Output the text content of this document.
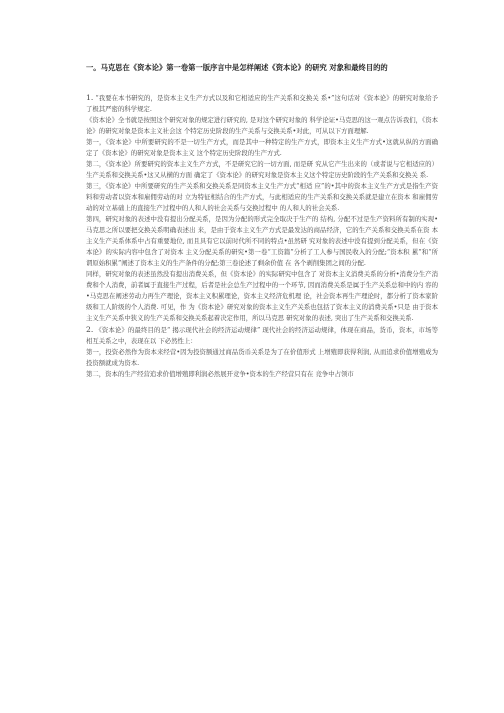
一。马克思在《资本论》第一卷第一版序言中是怎样阐述《资本论》的研究 对象和最终目的的

1. “我要在本书研究的，是资本主义生产方式以及和它相适应的生产关系和交换关 系•”这句话对《资本论》的研究对象给予了极其严密的科学规定.

《资本论》全书就是按照这个研究对象的规定进行研究的, 是对这个研究对象的 科学论证•马克思的这一观点告诉我们，《资本论》的研究对象是资本主义社会这 个特定历史阶段的生产关系与交换关系•对此，可从以下方面理解.

第一，《资本论》中所要研究的不是一切生产方式，而是其中一种特定的生产方式，即资本主义生产方式•这就从纵的方面确定了《资本论》的研究对象是资本主义 这个特定历史阶段的生产方式.

第二，《资本论》所要研究的资本主义生产方式，不是研究它的一切方面, 而是研 究从它产生出来的（或者说与它相适应的）生产关系和交换关系•这又从横的方面 确定了《资本论》的研究对象是资本主义这个特定历史阶段的生产关系和交换关 系.

第三，《资本论》中所要研究的生产关系和交换关系是同资本主义生产方式“相适 应”的•其中的资本主义生产方式是指生产资料和劳动者以资本和雇佣劳动的对 立为特征相结合的生产方式，与此相适应的生产关系和交换关系就是建立在资本 和雇佣劳动的对立基础上的直接生产过程中的人和人的社会关系与交换过程中 的人和人的社会关系.

第四，研究对象的表述中没有提出分配关系，是因为分配的形式完全取决于生产的 结构, 分配不过是生产资料所有制的实现•马克思之所以要把交换关系明确表述出 来，是由于资本主义生产方式是最发达的商品经济，它的生产关系和交换关系在资 本主义生产关系体系中占有重要地位, 而且具有它以前时代所不同的特点•虽然研 究对象的表述中没有提到分配关系，但在《资本论》的实际内容中包含了对资本 主义分配关系的研究•第一卷“工资篇”分析了工人参与国民收入的分配;“资本积 累”和“所谓原始积累”阐述了资本主义的生产条件的分配;第三卷论述了剩余价值 在 各个剥削集团之间的分配.

同样，研究对象的表述虽然没有提出消费关系，但《资本论》的实际研究中包含了 对资本主义消费关系的分析•消费分生产消费和个人消费，前者属于直接生产过程，后者是社会总生产过程中的一个环节, 因而消费关系是属于生产关系总和中的内 容的•马克思在阐述劳动力再生产理论，资本主义积累理论，资本主义经济危机理 论，社会资本再生产理论时，都分析了资本家阶级和工人阶级的个人消费. 可见，作 为《资本论》研究对象的资本主义生产关系也包括了资本主义的消费关系•只是 由于资本主义生产关系中狭义的生产关系和交换关系起着决定作用，所以马克思 研究对象的表述, 突出了生产关系和交换关系.

2. 《资本论》的最终目的是“ 揭示现代社会的经济运动规律” 现代社会的经济运动规律，体现在商品，货币，资本，市场等相互关系之中，表现在以 下必然性上：

第一，投资必然作为资本来经营•因为投资额通过商品货币关系是为了在价值形式 上增殖即获得利润, 从而追求价值增殖成为投资额就成为资本.

第二，资本的生产经营追求价值增殖即利润必然展开竞争•资本的生产经营只有在 竞争中占领市
